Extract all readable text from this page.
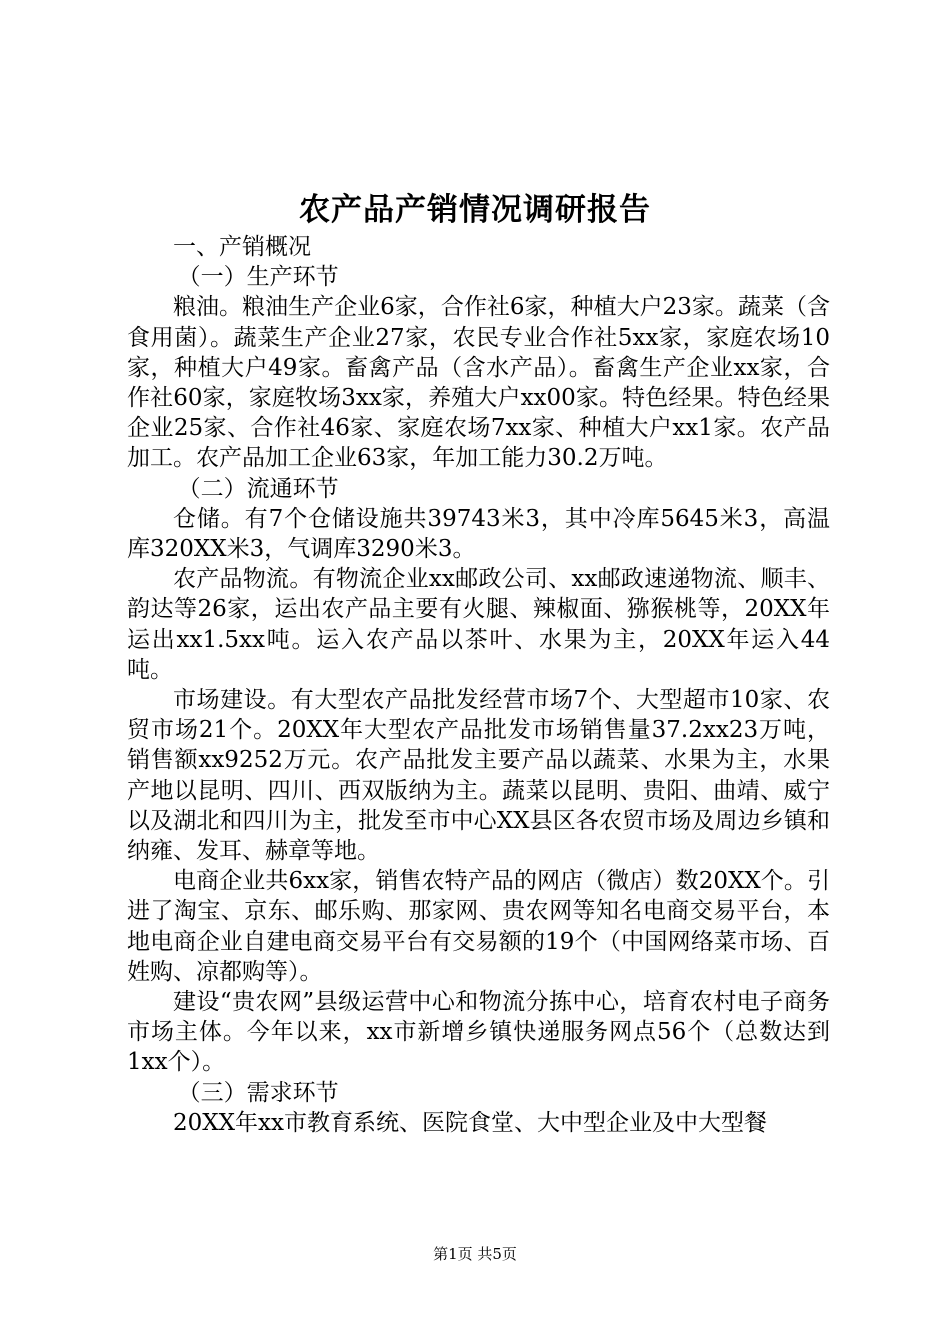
农产品产销情况调研报告

一、产销概况

（一）生产环节

粮油。粮油生产企业6家，合作社6家，种植大户23家。蔬菜（含食用菌）。蔬菜生产企业27家，农民专业合作社5xx家，家庭农场10家，种植大户49家。畜禽产品（含水产品）。畜禽生产企业xx家，合作社60家，家庭牧场3xx家，养殖大户xx00家。特色经果。特色经果企业25家、合作社46家、家庭农场7xx家、种植大户xx1家。农产品加工。农产品加工企业63家，年加工能力30.2万吨。

（二）流通环节

仓储。有7个仓储设施共39743米3，其中冷库5645米3，高温库320XX米3，气调库3290米3。

农产品物流。有物流企业xx邮政公司、xx邮政速递物流、顺丰、韵达等26家，运出农产品主要有火腿、辣椒面、猕猴桃等，20XX年运出xx1.5xx吨。运入农产品以茶叶、水果为主，20XX年运入44吨。

市场建设。有大型农产品批发经营市场7个、大型超市10家、农贸市场21个。20XX年大型农产品批发市场销售量37.2xx23万吨，销售额xx9252万元。农产品批发主要产品以蔬菜、水果为主，水果产地以昆明、四川、西双版纳为主。蔬菜以昆明、贵阳、曲靖、威宁以及湖北和四川为主，批发至市中心XX县区各农贸市场及周边乡镇和纳雍、发耳、赫章等地。

电商企业共6xx家，销售农特产品的网店（微店）数20XX个。引进了淘宝、京东、邮乐购、那家网、贵农网等知名电商交易平台，本地电商企业自建电商交易平台有交易额的19个（中国网络菜市场、百姓购、凉都购等）。

建设“贵农网”县级运营中心和物流分拣中心，培育农村电子商务市场主体。今年以来，xx市新增乡镇快递服务网点56个（总数达到1xx个）。

（三）需求环节

20XX年xx市教育系统、医院食堂、大中型企业及中大型餐

第1页 共5页
